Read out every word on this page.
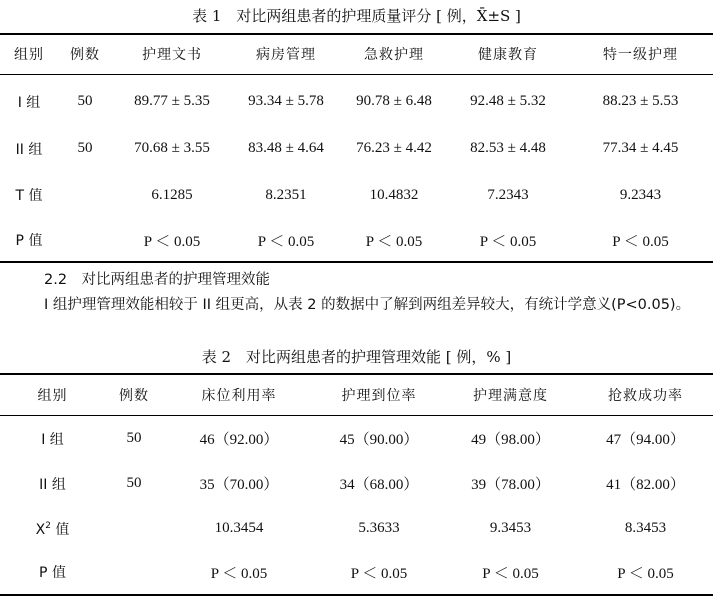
表 1　对比两组患者的护理质量评分 [ 例，X̄±S ]
组别	例数	护理文书	病房管理	急救护理	健康教育	特一级护理
I 组	50	89.77 ± 5.35	93.34 ± 5.78	90.78 ± 6.48	92.48 ± 5.32	88.23 ± 5.53
II 组	50	70.68 ± 3.55	83.48 ± 4.64	76.23 ± 4.42	82.53 ± 4.48	77.34 ± 4.45
T 值		6.1285	8.2351	10.4832	7.2343	9.2343
P 值		P ＜ 0.05	P ＜ 0.05	P ＜ 0.05	P ＜ 0.05	P ＜ 0.05
2.2　对比两组患者的护理管理效能
I 组护理管理效能相较于 II 组更高，从表 2 的数据中了解到两组差异较大，有统计学意义(P<0.05)。
表 2　对比两组患者的护理管理效能 [ 例，% ]
组别	例数	床位利用率	护理到位率	护理满意度	抢救成功率
I 组	50	46（92.00）	45（90.00）	49（98.00）	47（94.00）
II 组	50	35（70.00）	34（68.00）	39（78.00）	41（82.00）
$X^2$ 值		10.3454	5.3633	9.3453	8.3453
P 值		P ＜ 0.05	P ＜ 0.05	P ＜ 0.05	P ＜ 0.05
